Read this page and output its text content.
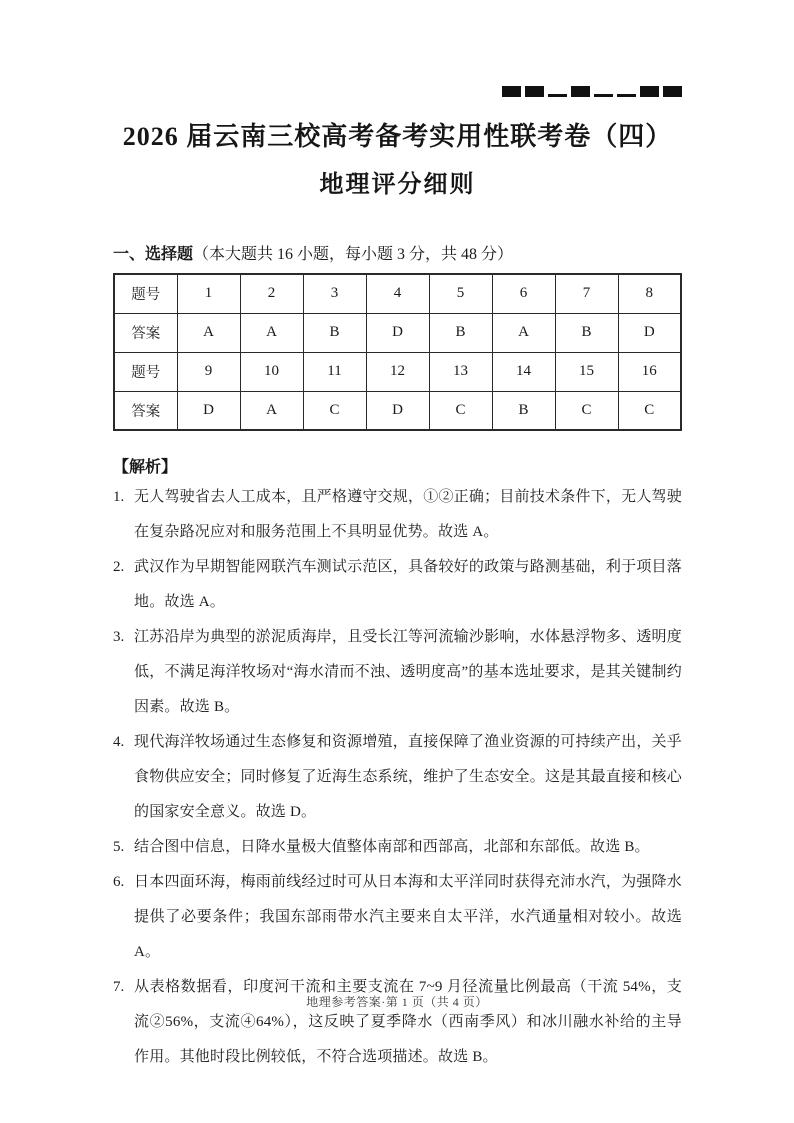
2026 届云南三校高考备考实用性联考卷（四）
地理评分细则
一、选择题（本大题共 16 小题，每小题 3 分，共 48 分）
题号	1	2	3	4	5	6	7	8
答案	A	A	B	D	B	A	B	D
题号	9	10	11	12	13	14	15	16
答案	D	A	C	D	C	B	C	C
【解析】
1. 无人驾驶省去人工成本，且严格遵守交规，①②正确；目前技术条件下，无人驾驶在复杂路况应对和服务范围上不具明显优势。故选 A。
2. 武汉作为早期智能网联汽车测试示范区，具备较好的政策与路测基础，利于项目落地。故选 A。
3. 江苏沿岸为典型的淤泥质海岸，且受长江等河流输沙影响，水体悬浮物多、透明度低，不满足海洋牧场对“海水清而不浊、透明度高”的基本选址要求，是其关键制约因素。故选 B。
4. 现代海洋牧场通过生态修复和资源增殖，直接保障了渔业资源的可持续产出，关乎食物供应安全；同时修复了近海生态系统，维护了生态安全。这是其最直接和核心的国家安全意义。故选 D。
5. 结合图中信息，日降水量极大值整体南部和西部高，北部和东部低。故选 B。
6. 日本四面环海，梅雨前线经过时可从日本海和太平洋同时获得充沛水汽，为强降水提供了必要条件；我国东部雨带水汽主要来自太平洋，水汽通量相对较小。故选 A。
7. 从表格数据看，印度河干流和主要支流在 7~9 月径流量比例最高（干流 54%，支流②56%，支流④64%），这反映了夏季降水（西南季风）和冰川融水补给的主导作用。其他时段比例较低，不符合选项描述。故选 B。
地理参考答案·第 1 页（共 4 页）
